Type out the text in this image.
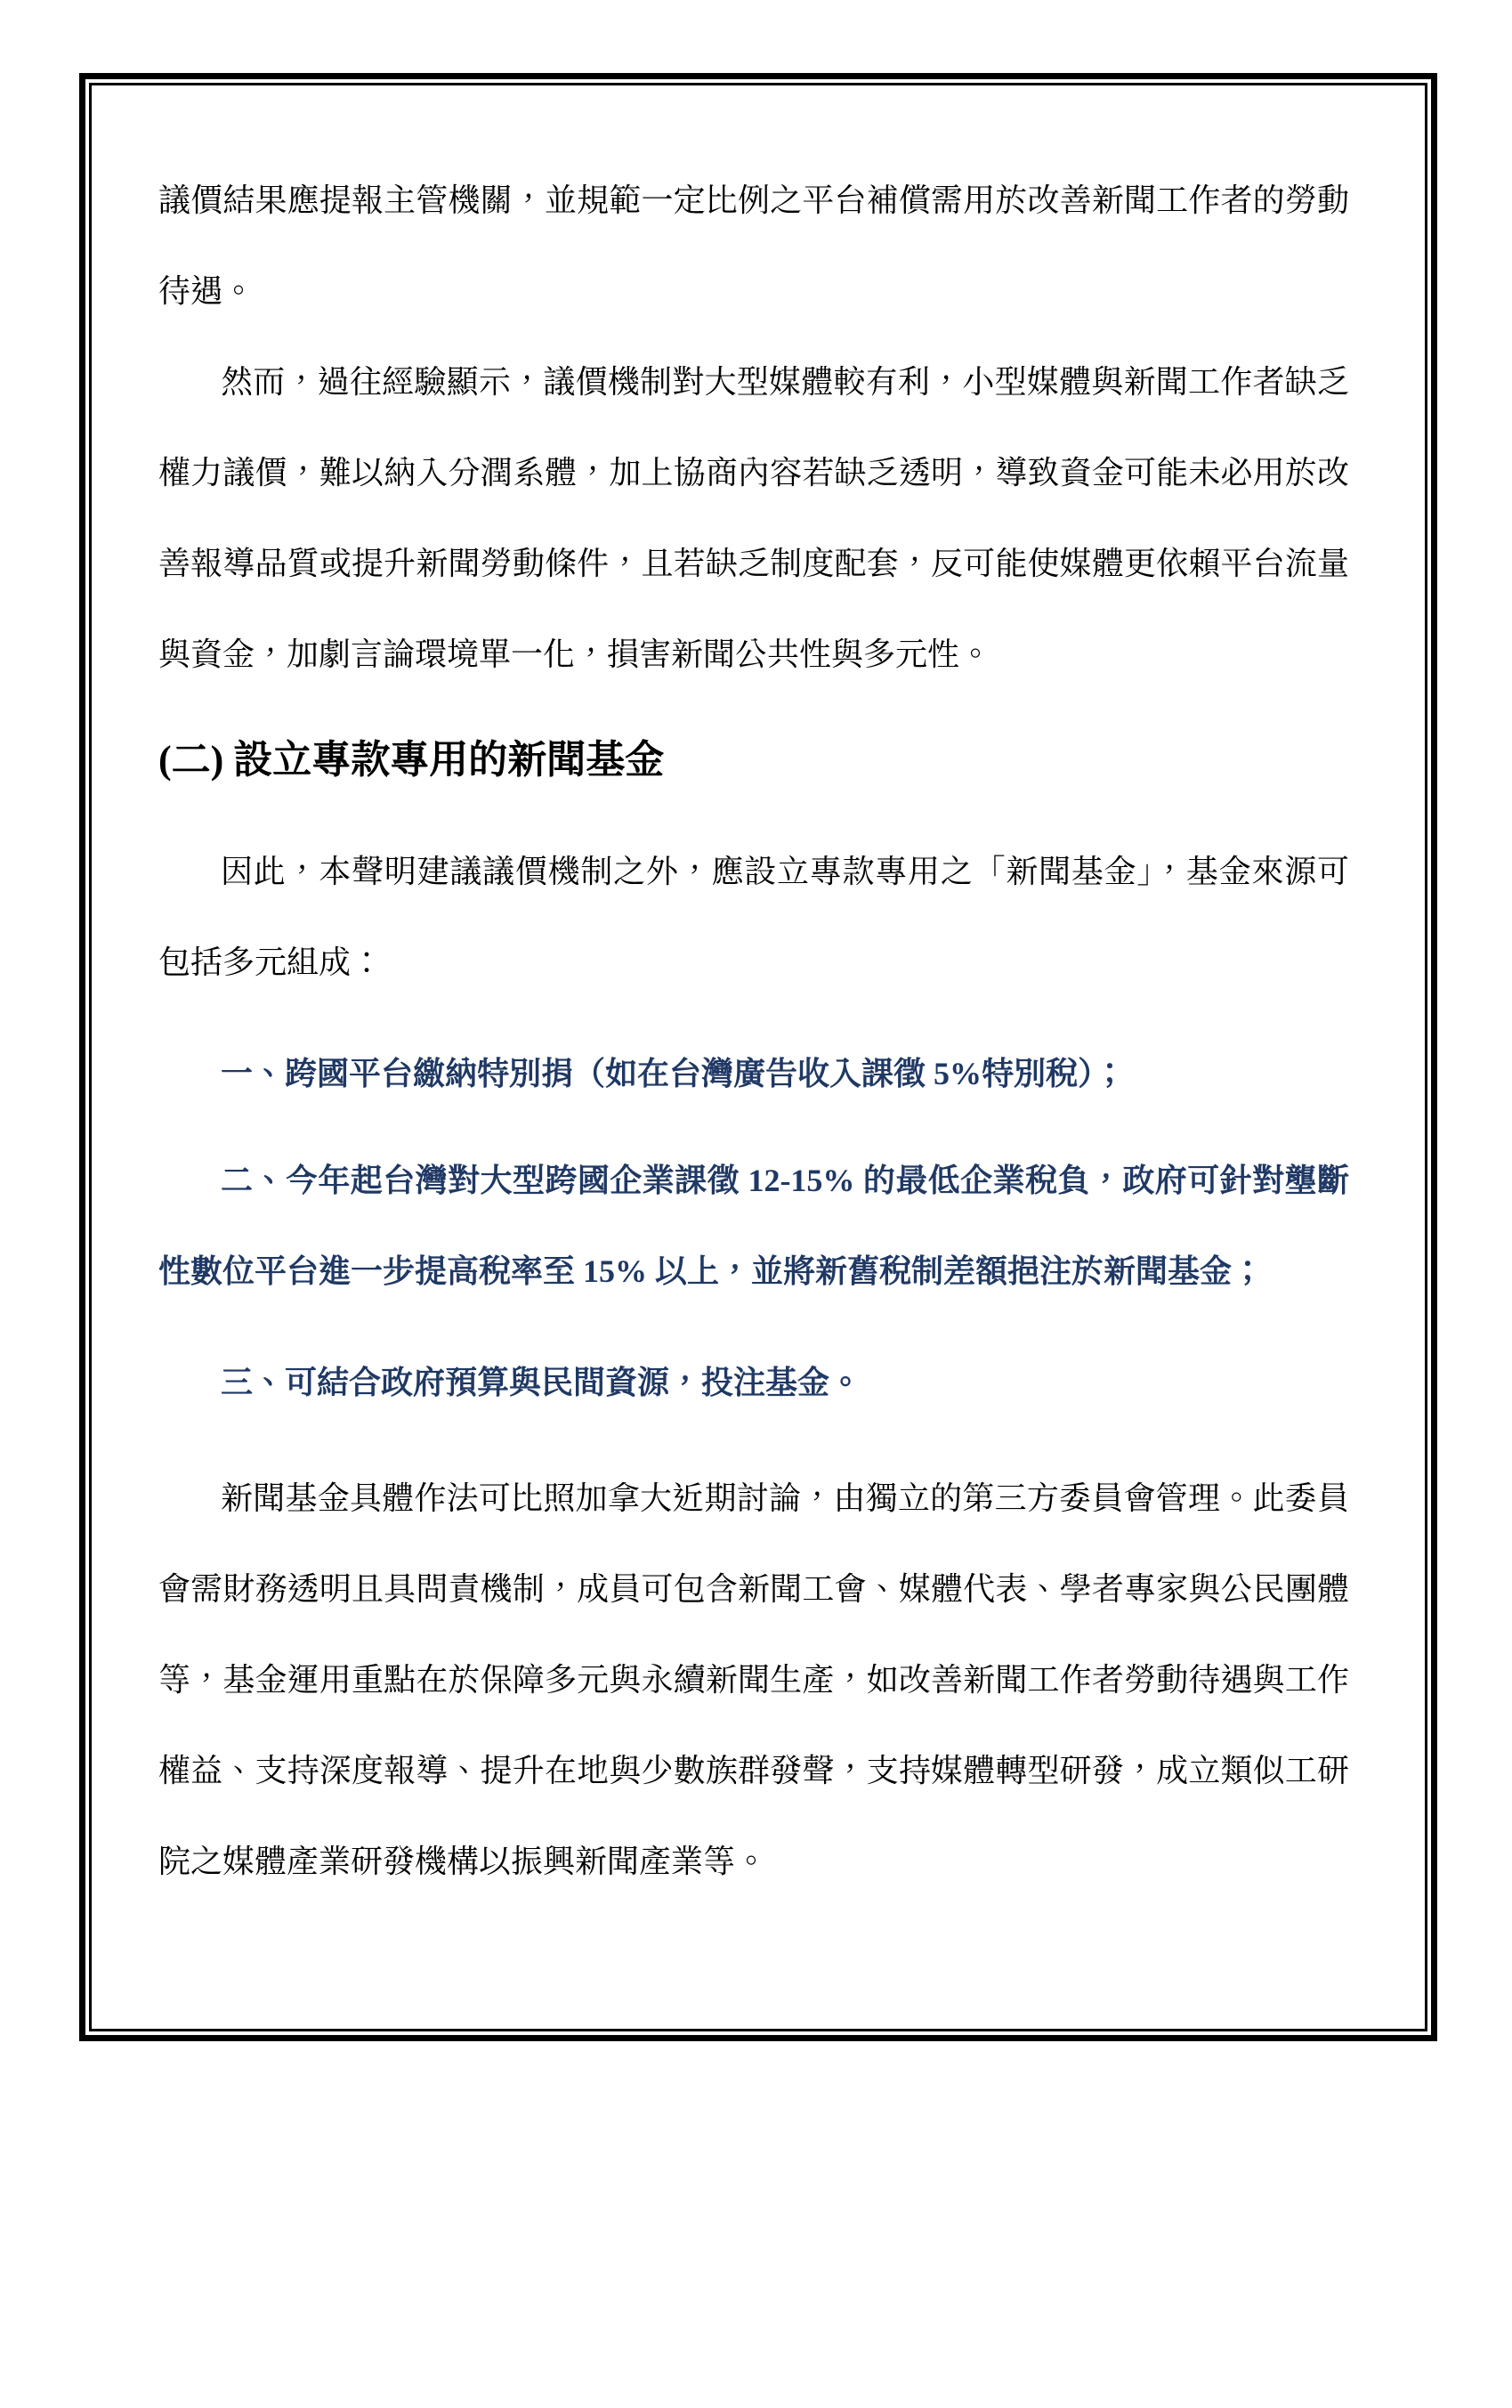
議價結果應提報主管機關，並規範一定比例之平台補償需用於改善新聞工作者的勞動待遇。

然而，過往經驗顯示，議價機制對大型媒體較有利，小型媒體與新聞工作者缺乏權力議價，難以納入分潤系體，加上協商內容若缺乏透明，導致資金可能未必用於改善報導品質或提升新聞勞動條件，且若缺乏制度配套，反可能使媒體更依賴平台流量與資金，加劇言論環境單一化，損害新聞公共性與多元性。

(二) 設立專款專用的新聞基金

因此，本聲明建議議價機制之外，應設立專款專用之「新聞基金」，基金來源可包括多元組成：

一、跨國平台繳納特別捐（如在台灣廣告收入課徵 5%特別稅）；

二、今年起台灣對大型跨國企業課徵 12-15% 的最低企業稅負，政府可針對壟斷性數位平台進一步提高稅率至 15% 以上，並將新舊稅制差額挹注於新聞基金；

三、可結合政府預算與民間資源，投注基金。

新聞基金具體作法可比照加拿大近期討論，由獨立的第三方委員會管理。此委員會需財務透明且具問責機制，成員可包含新聞工會、媒體代表、學者專家與公民團體等，基金運用重點在於保障多元與永續新聞生產，如改善新聞工作者勞動待遇與工作權益、支持深度報導、提升在地與少數族群發聲，支持媒體轉型研發，成立類似工研院之媒體產業研發機構以振興新聞產業等。
